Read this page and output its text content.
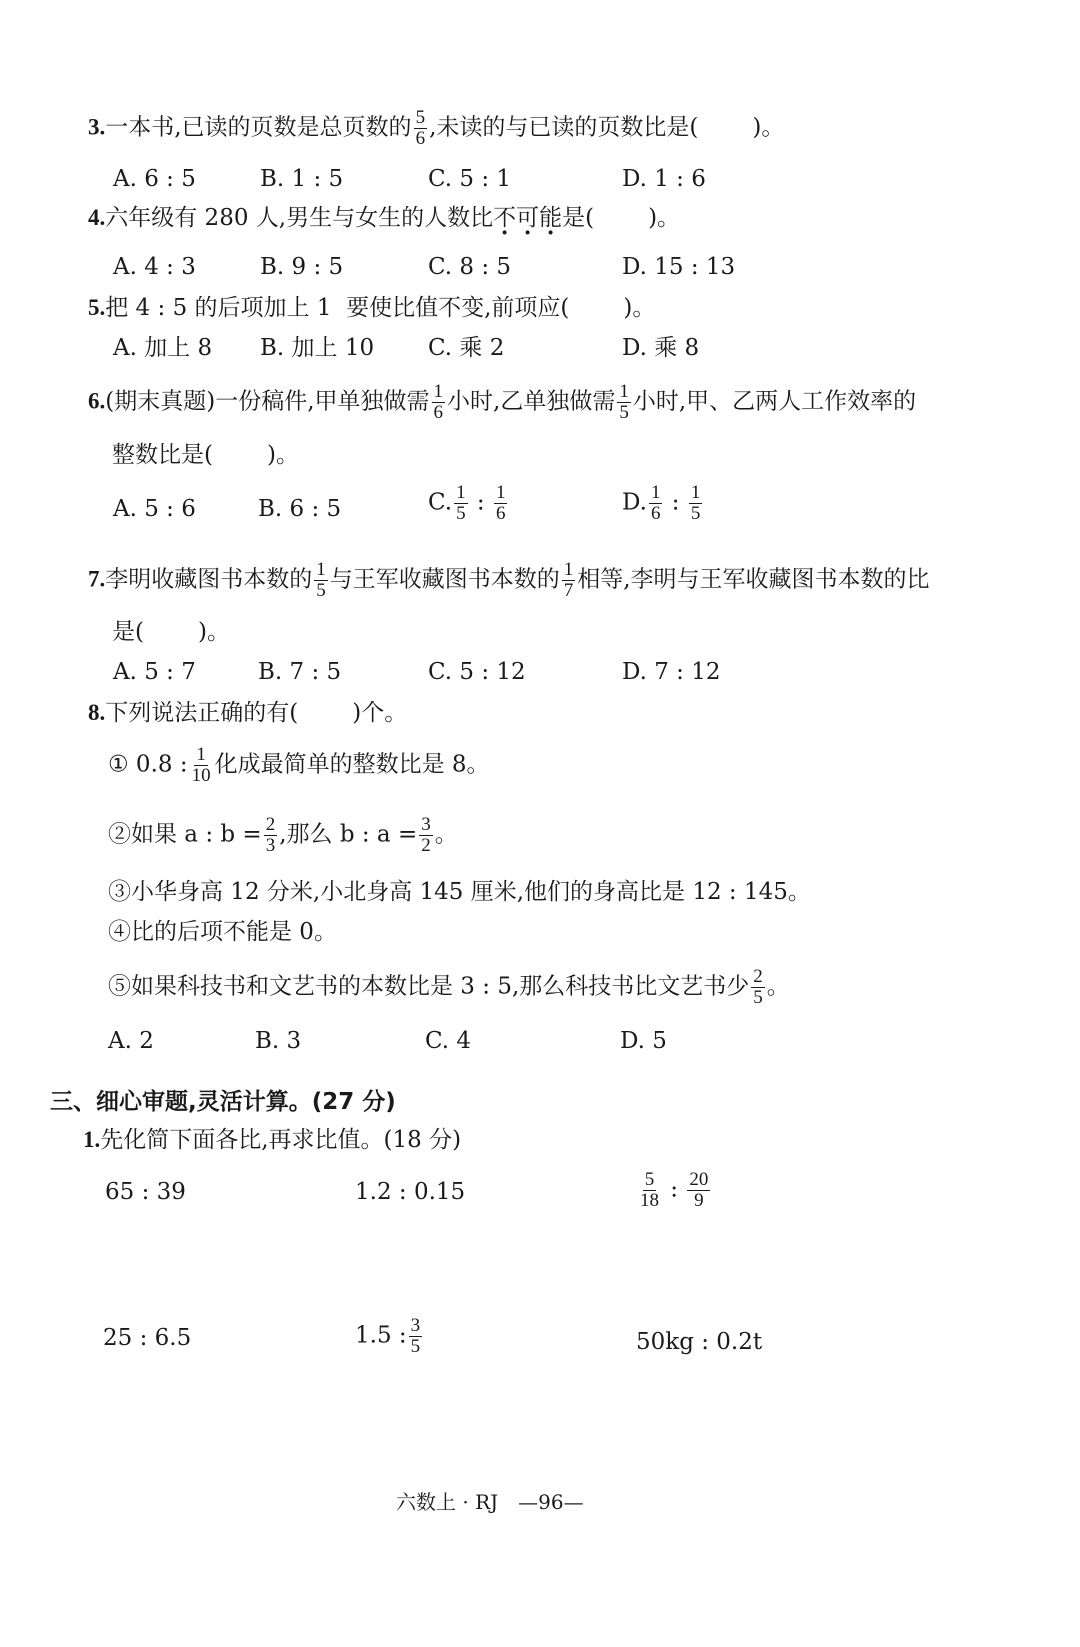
3.一本书,已读的页数是总页数的 $\frac{5}{6}$ ,未读的与已读的页数比是( )。
A. 6 : 5	B. 1 : 5	C. 5 : 1	D. 1 : 6
4.六年级有 280 人,男生与女生的人数比不可能是( )。
A. 4 : 3	B. 9 : 5	C. 8 : 5	D. 15 : 13
5.把 4 : 5 的后项加上 1 要使比值不变,前项应( )。
A. 加上 8 B. 加上 10 C. 乘 2	D. 乘 8
6.(期末真题)一份稿件,甲单独做需 $\frac{1}{6}$ 小时,乙单独做需 $\frac{1}{5}$ 小时,甲、乙两人工作效率的
整数比是( )。
A. 5 : 6	B. 6 : 5	C. $\frac{1}{5}$ : $\frac{1}{6}$	D. $\frac{1}{6}$ : $\frac{1}{5}$
7.李明收藏图书本数的 $\frac{1}{5}$ 与王军收藏图书本数的 $\frac{1}{7}$ 相等,李明与王军收藏图书本数的比
是( )。
A. 5 : 7	B. 7 : 5	C. 5 : 12	D. 7 : 12
8.下列说法正确的有( )个。
① 0.8 : $\frac{1}{10}$ 化成最简单的整数比是 8。
②如果 a : $b = \frac{2}{3}$ ,那么 b : $a = \frac{3}{2}$ 。
③小华身高 12 分米,小北身高 145 厘米,他们的身高比是 12 : 145。
④比的后项不能是 0。
⑤如果科技书和文艺书的本数比是 3 : 5,那么科技书比文艺书少 $\frac{2}{5}$ 。
A. 2	B. 3	C. 4	D. 5
三、细心审题,灵活计算。(27 分)
1.先化简下面各比,再求比值。(18 分)
65 : 39	1.2 : 0.15	$\frac{5}{18}$ : $\frac{20}{9}$
25 : 6.5	1.5 : $\frac{3}{5}$	50kg : 0.2t
六数上 · RJ　—96—
